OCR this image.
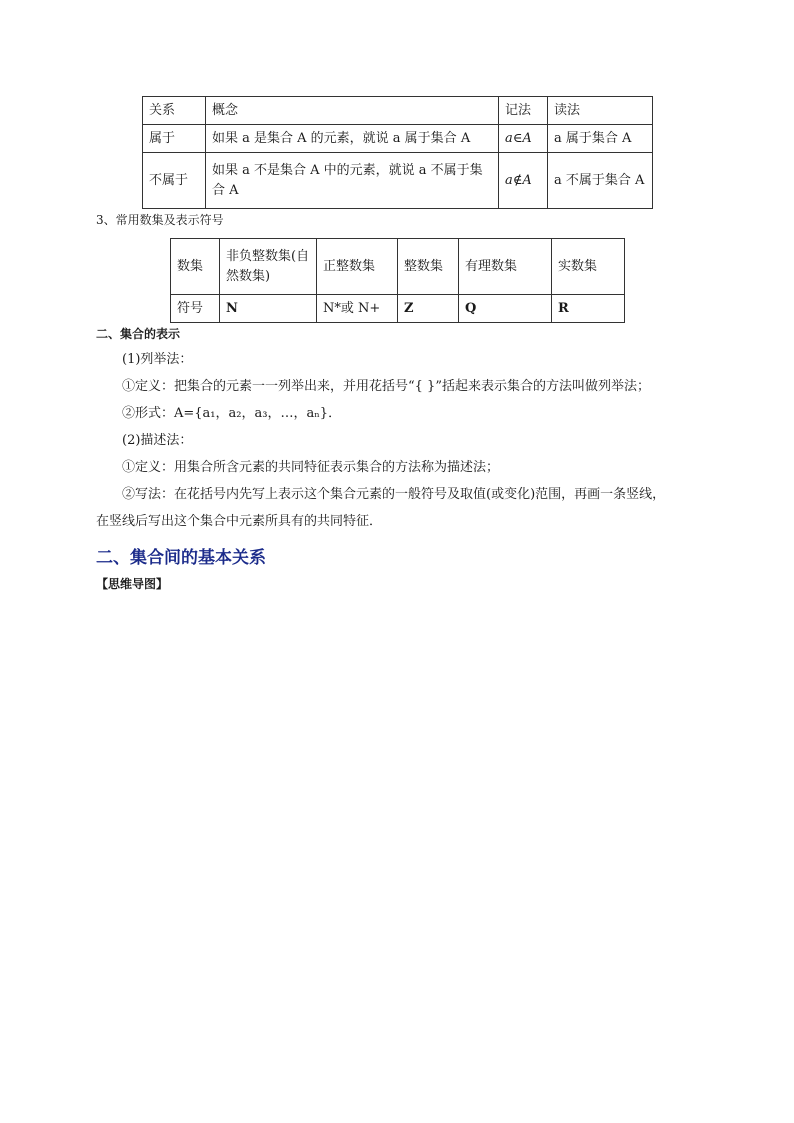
关系	概念	记法	读法
属于	如果 a 是集合 A 的元素，就说 a 属于集合 A	a∈A	a 属于集合 A
不属于	如果 a 不是集合 A 中的元素，就说 a 不属于集合 A	a∉A	a 不属于集合 A
3、常用数集及表示符号
数集	非负整数集(自然数集)	正整数集	整数集	有理数集	实数集
符号	N	N*或 N+	Z	Q	R
二、集合的表示
(1)列举法：
①定义：把集合的元素一一列举出来，并用花括号“{ }”括起来表示集合的方法叫做列举法；
②形式：A={a₁，a₂，a₃，…，aₙ}．
(2)描述法：
①定义：用集合所含元素的共同特征表示集合的方法称为描述法；
②写法：在花括号内先写上表示这个集合元素的一般符号及取值(或变化)范围，再画一条竖线，
在竖线后写出这个集合中元素所具有的共同特征．
二、集合间的基本关系
【思维导图】
